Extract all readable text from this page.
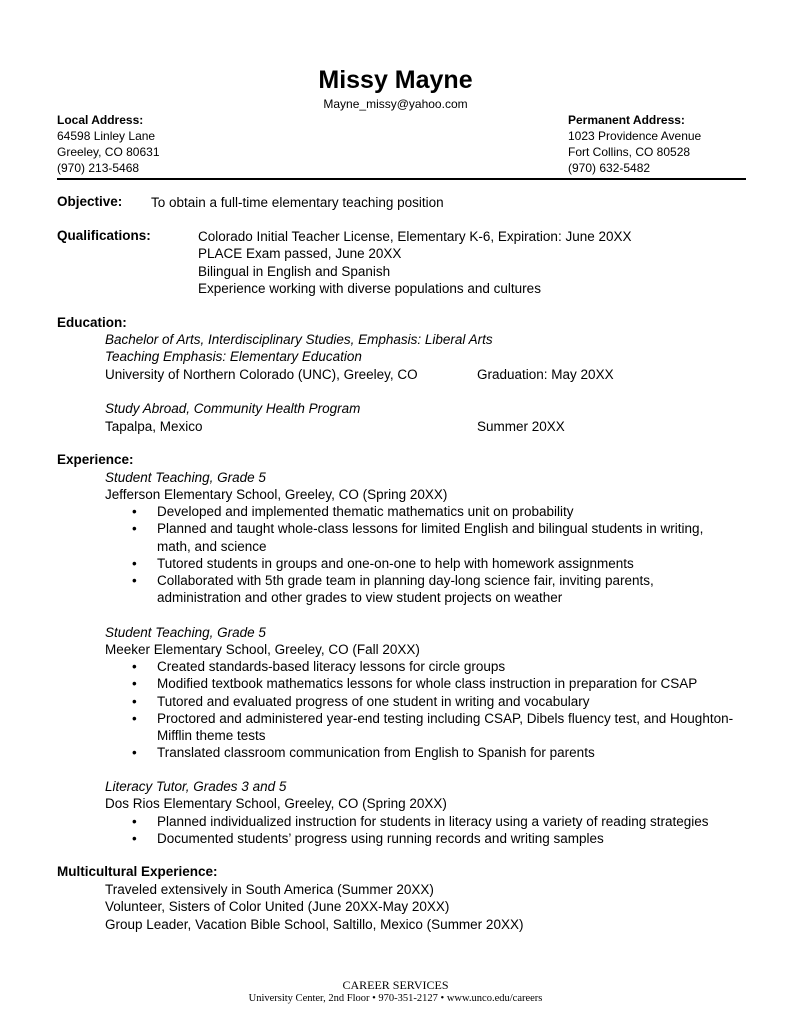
Missy Mayne
Mayne_missy@yahoo.com
Local Address:
64598 Linley Lane
Greeley, CO 80631
(970) 213-5468
Permanent Address:
1023 Providence Avenue
Fort Collins, CO 80528
(970) 632-5482
Objective: To obtain a full-time elementary teaching position
Qualifications:	Colorado Initial Teacher License, Elementary K-6, Expiration: June 20XX
PLACE Exam passed, June 20XX
Bilingual in English and Spanish
Experience working with diverse populations and cultures
Education:
Bachelor of Arts, Interdisciplinary Studies, Emphasis: Liberal Arts
Teaching Emphasis: Elementary Education
University of Northern Colorado (UNC), Greeley, CO	Graduation: May 20XX
Study Abroad, Community Health Program
Tapalpa, Mexico	Summer 20XX
Experience:
Student Teaching, Grade 5
Jefferson Elementary School, Greeley, CO (Spring 20XX)
• Developed and implemented thematic mathematics unit on probability
• Planned and taught whole-class lessons for limited English and bilingual students in writing, math, and science
• Tutored students in groups and one-on-one to help with homework assignments
• Collaborated with 5th grade team in planning day-long science fair, inviting parents, administration and other grades to view student projects on weather
Student Teaching, Grade 5
Meeker Elementary School, Greeley, CO (Fall 20XX)
• Created standards-based literacy lessons for circle groups
• Modified textbook mathematics lessons for whole class instruction in preparation for CSAP
• Tutored and evaluated progress of one student in writing and vocabulary
• Proctored and administered year-end testing including CSAP, Dibels fluency test, and Houghton-Mifflin theme tests
• Translated classroom communication from English to Spanish for parents
Literacy Tutor, Grades 3 and 5
Dos Rios Elementary School, Greeley, CO (Spring 20XX)
• Planned individualized instruction for students in literacy using a variety of reading strategies
• Documented students’ progress using running records and writing samples
Multicultural Experience:
Traveled extensively in South America (Summer 20XX)
Volunteer, Sisters of Color United (June 20XX-May 20XX)
Group Leader, Vacation Bible School, Saltillo, Mexico (Summer 20XX)
CAREER SERVICES
University Center, 2nd Floor • 970-351-2127 • www.unco.edu/careers
